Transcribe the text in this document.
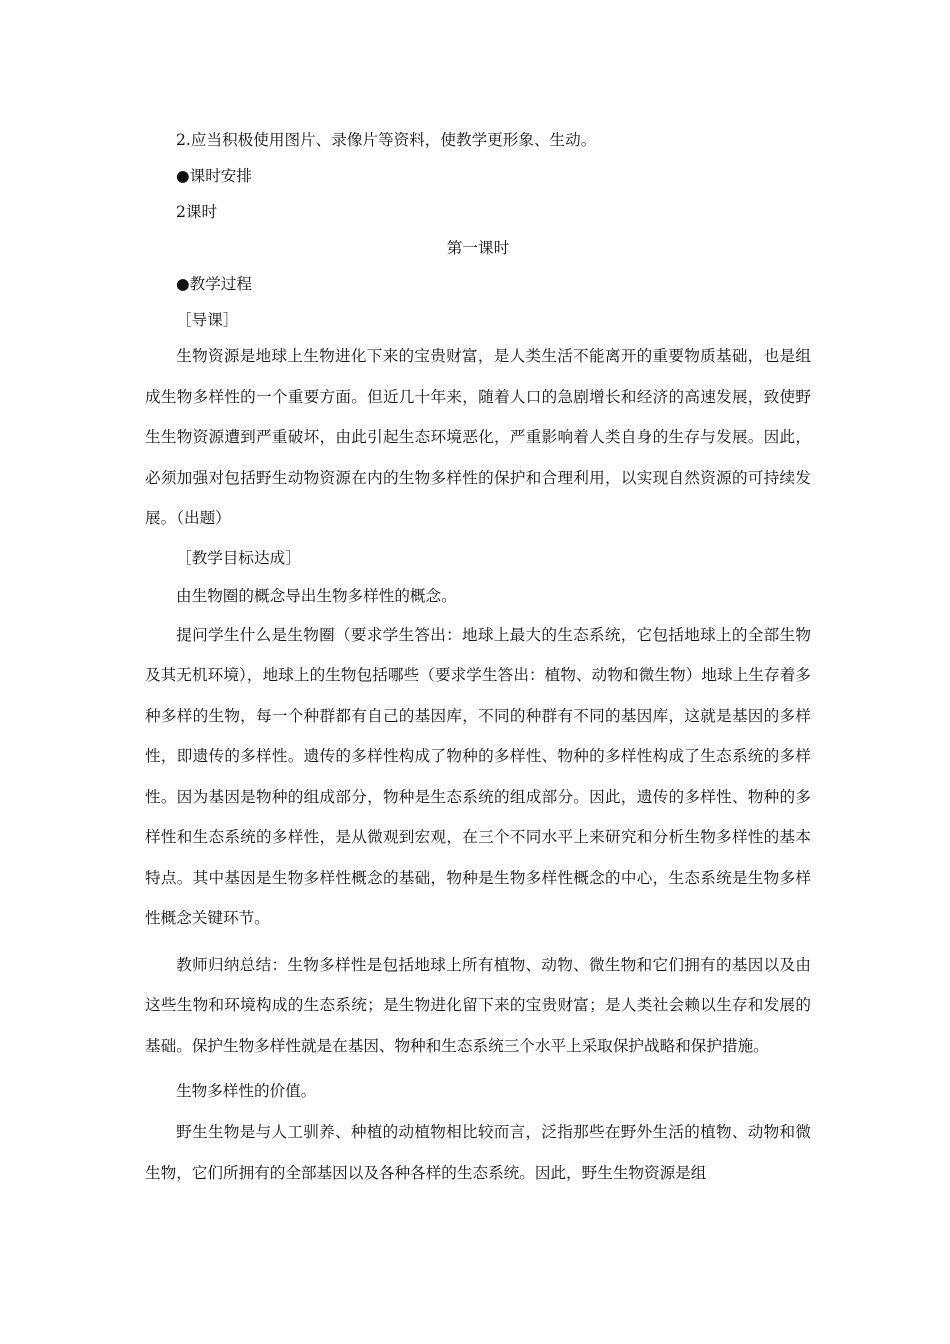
2.应当积极使用图片、录像片等资料，使教学更形象、生动。

●课时安排

2课时

第一课时

●教学过程

［导课］

生物资源是地球上生物进化下来的宝贵财富，是人类生活不能离开的重要物质基础，也是组成生物多样性的一个重要方面。但近几十年来，随着人口的急剧增长和经济的高速发展，致使野生生物资源遭到严重破坏，由此引起生态环境恶化，严重影响着人类自身的生存与发展。因此，必须加强对包括野生动物资源在内的生物多样性的保护和合理利用，以实现自然资源的可持续发展。（出题）

［教学目标达成］

由生物圈的概念导出生物多样性的概念。

提问学生什么是生物圈（要求学生答出：地球上最大的生态系统，它包括地球上的全部生物及其无机环境），地球上的生物包括哪些（要求学生答出：植物、动物和微生物）地球上生存着多种多样的生物，每一个种群都有自己的基因库，不同的种群有不同的基因库，这就是基因的多样性，即遗传的多样性。遗传的多样性构成了物种的多样性、物种的多样性构成了生态系统的多样性。因为基因是物种的组成部分，物种是生态系统的组成部分。因此，遗传的多样性、物种的多样性和生态系统的多样性，是从微观到宏观，在三个不同水平上来研究和分析生物多样性的基本特点。其中基因是生物多样性概念的基础，物种是生物多样性概念的中心，生态系统是生物多样性概念关键环节。

教师归纳总结：生物多样性是包括地球上所有植物、动物、微生物和它们拥有的基因以及由这些生物和环境构成的生态系统；是生物进化留下来的宝贵财富；是人类社会赖以生存和发展的基础。保护生物多样性就是在基因、物种和生态系统三个水平上采取保护战略和保护措施。

生物多样性的价值。

野生生物是与人工驯养、种植的动植物相比较而言，泛指那些在野外生活的植物、动物和微生物，它们所拥有的全部基因以及各种各样的生态系统。因此，野生生物资源是组
